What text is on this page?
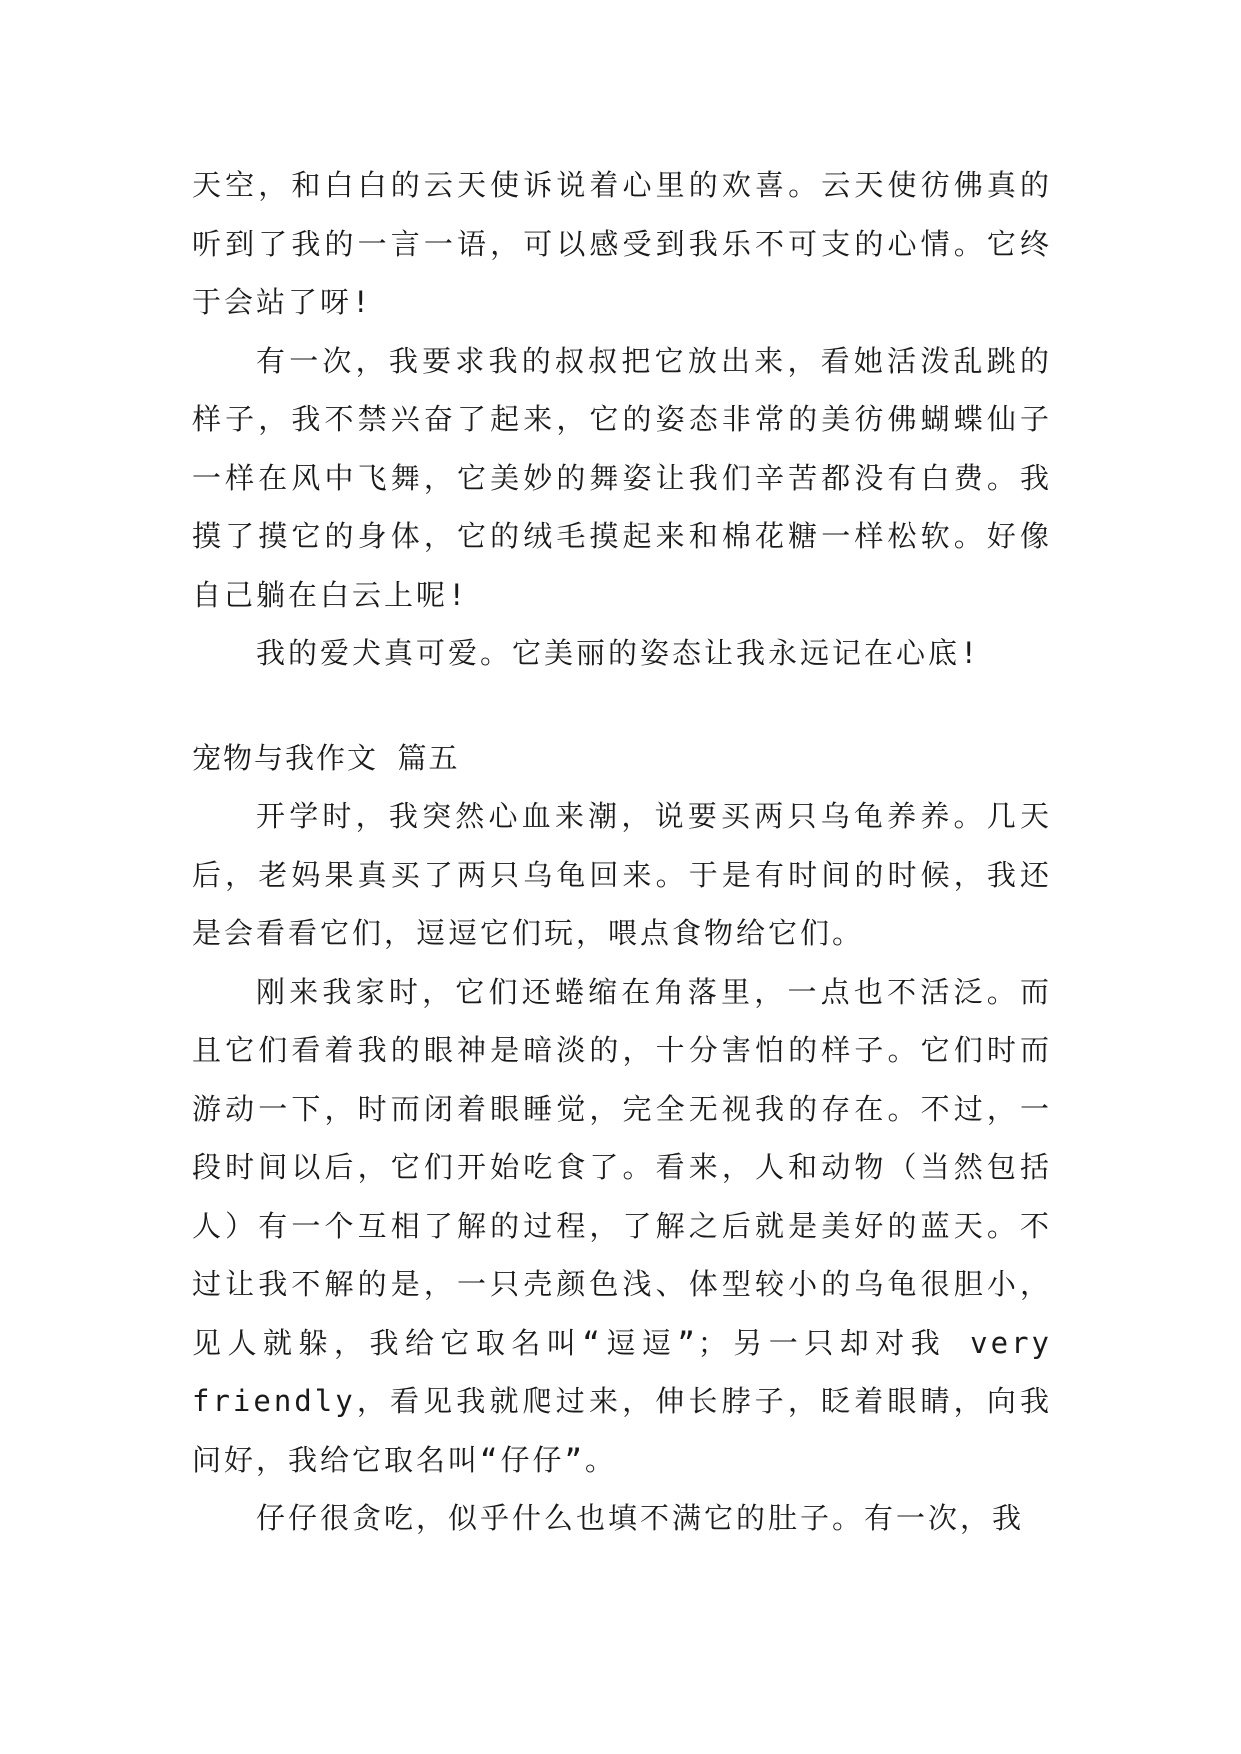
天空，和白白的云天使诉说着心里的欢喜。云天使彷佛真的听到了我的一言一语，可以感受到我乐不可支的心情。它终于会站了呀!

有一次，我要求我的叔叔把它放出来，看她活泼乱跳的样子，我不禁兴奋了起来，它的姿态非常的美彷佛蝴蝶仙子一样在风中飞舞，它美妙的舞姿让我们辛苦都没有白费。我摸了摸它的身体，它的绒毛摸起来和棉花糖一样松软。好像自己躺在白云上呢!

我的爱犬真可爱。它美丽的姿态让我永远记在心底!

宠物与我作文 篇五

开学时，我突然心血来潮，说要买两只乌龟养养。几天后，老妈果真买了两只乌龟回来。于是有时间的时候，我还是会看看它们，逗逗它们玩，喂点食物给它们。

刚来我家时，它们还蜷缩在角落里，一点也不活泛。而且它们看着我的眼神是暗淡的，十分害怕的样子。它们时而游动一下，时而闭着眼睡觉，完全无视我的存在。不过，一段时间以后，它们开始吃食了。看来，人和动物（当然包括人）有一个互相了解的过程，了解之后就是美好的蓝天。不过让我不解的是，一只壳颜色浅、体型较小的乌龟很胆小，见人就躲，我给它取名叫“逗逗”；另一只却对我 very friendly，看见我就爬过来，伸长脖子，眨着眼睛，向我问好，我给它取名叫“仔仔”。

仔仔很贪吃，似乎什么也填不满它的肚子。有一次，我
